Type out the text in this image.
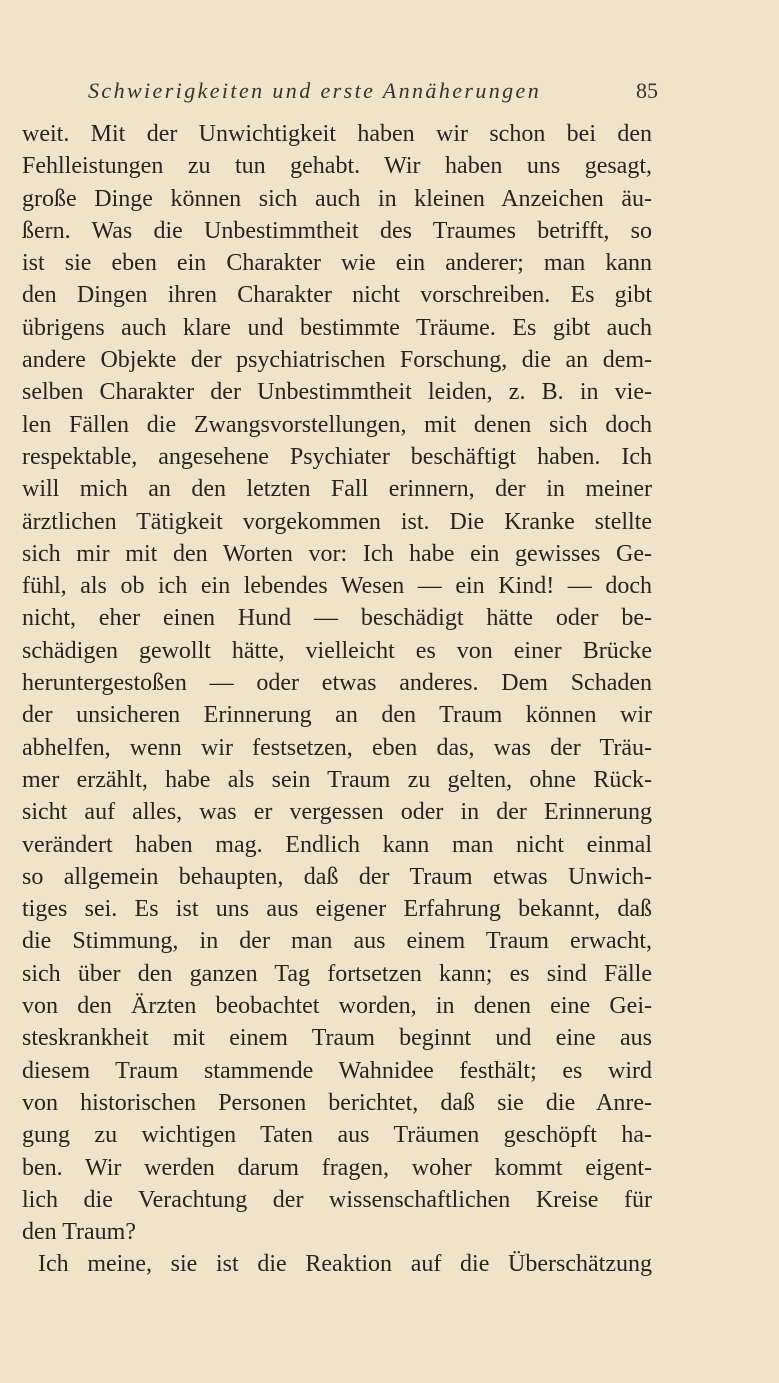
Schwierigkeiten und erste Annäherungen	85
weit. Mit der Unwichtigkeit haben wir schon bei den
Fehlleistungen zu tun gehabt. Wir haben uns gesagt,
große Dinge können sich auch in kleinen Anzeichen äu-
ßern. Was die Unbestimmtheit des Traumes betrifft, so
ist sie eben ein Charakter wie ein anderer; man kann
den Dingen ihren Charakter nicht vorschreiben. Es gibt
übrigens auch klare und bestimmte Träume. Es gibt auch
andere Objekte der psychiatrischen Forschung, die an dem-
selben Charakter der Unbestimmtheit leiden, z. B. in vie-
len Fällen die Zwangsvorstellungen, mit denen sich doch
respektable, angesehene Psychiater beschäftigt haben. Ich
will mich an den letzten Fall erinnern, der in meiner
ärztlichen Tätigkeit vorgekommen ist. Die Kranke stellte
sich mir mit den Worten vor: Ich habe ein gewisses Ge-
fühl, als ob ich ein lebendes Wesen — ein Kind! — doch
nicht, eher einen Hund — beschädigt hätte oder be-
schädigen gewollt hätte, vielleicht es von einer Brücke
heruntergestoßen — oder etwas anderes. Dem Schaden
der unsicheren Erinnerung an den Traum können wir
abhelfen, wenn wir festsetzen, eben das, was der Träu-
mer erzählt, habe als sein Traum zu gelten, ohne Rück-
sicht auf alles, was er vergessen oder in der Erinnerung
verändert haben mag. Endlich kann man nicht einmal
so allgemein behaupten, daß der Traum etwas Unwich-
tiges sei. Es ist uns aus eigener Erfahrung bekannt, daß
die Stimmung, in der man aus einem Traum erwacht,
sich über den ganzen Tag fortsetzen kann; es sind Fälle
von den Ärzten beobachtet worden, in denen eine Gei-
steskrankheit mit einem Traum beginnt und eine aus
diesem Traum stammende Wahnidee festhält; es wird
von historischen Personen berichtet, daß sie die Anre-
gung zu wichtigen Taten aus Träumen geschöpft ha-
ben. Wir werden darum fragen, woher kommt eigent-
lich die Verachtung der wissenschaftlichen Kreise für
den Traum?
Ich meine, sie ist die Reaktion auf die Überschätzung
